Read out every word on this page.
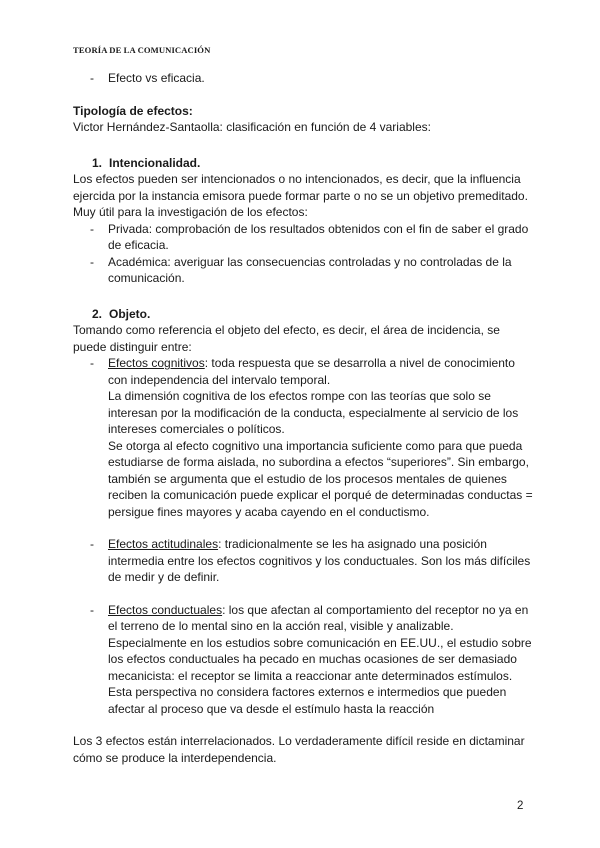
TEORÍA DE LA COMUNICACIÓN
- Efecto vs eficacia.
Tipología de efectos:
Victor Hernández-Santaolla: clasificación en función de 4 variables:
1. Intencionalidad.
Los efectos pueden ser intencionados o no intencionados, es decir, que la influencia ejercida por la instancia emisora puede formar parte o no se un objetivo premeditado.
Muy útil para la investigación de los efectos:
- Privada: comprobación de los resultados obtenidos con el fin de saber el grado de eficacia.
- Académica: averiguar las consecuencias controladas y no controladas de la comunicación.
2. Objeto.
Tomando como referencia el objeto del efecto, es decir, el área de incidencia, se puede distinguir entre:
- Efectos cognitivos: toda respuesta que se desarrolla a nivel de conocimiento con independencia del intervalo temporal.
La dimensión cognitiva de los efectos rompe con las teorías que solo se interesan por la modificación de la conducta, especialmente al servicio de los intereses comerciales o políticos.
Se otorga al efecto cognitivo una importancia suficiente como para que pueda estudiarse de forma aislada, no subordina a efectos “superiores”. Sin embargo, también se argumenta que el estudio de los procesos mentales de quienes reciben la comunicación puede explicar el porqué de determinadas conductas = persigue fines mayores y acaba cayendo en el conductismo.
- Efectos actitudinales: tradicionalmente se les ha asignado una posición intermedia entre los efectos cognitivos y los conductuales. Son los más difíciles de medir y de definir.
- Efectos conductuales: los que afectan al comportamiento del receptor no ya en el terreno de lo mental sino en la acción real, visible y analizable. Especialmente en los estudios sobre comunicación en EE.UU., el estudio sobre los efectos conductuales ha pecado en muchas ocasiones de ser demasiado mecanicista: el receptor se limita a reaccionar ante determinados estímulos. Esta perspectiva no considera factores externos e intermedios que pueden afectar al proceso que va desde el estímulo hasta la reacción
Los 3 efectos están interrelacionados. Lo verdaderamente difícil reside en dictaminar cómo se produce la interdependencia.
2
